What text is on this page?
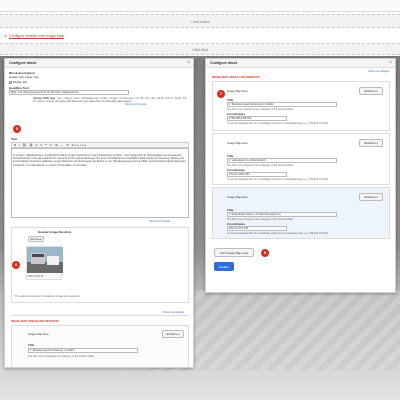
+ Add section
✕ Configure Header with Image Map
+ Add block
Configure block	×
Block description
Header with image map
Display title
Headline Text
Bitte- und Übersetzungsschutz für NC-HDC Laderstationen
Allowed HTML tags: <em> <strong> <cite> <blockquote cite> <code> <ul type> <ol start type> <li> <dl> <dt> <dd> <h2 id> <h3 id> <h4 id> <h5 id> <h6 id> <img src alt height width data-entity-type data-entity-uuid data-align data-caption>
About text formats
5
Text
B I ⛓ ⛓ ≡ ≡ ❝ ▭ ⊞ ⋯ ⟲ Source
Im privaten, halböffentlichen und öffentlichen Raum werden aktuell immer mehr Ladestationen errichtet – damit steigt auch die Notwendigkeit von umfassenden Schutzkonzepten. Dies gilt sowohl für NC- als auch für DC-Ladeeinrichtungen. Bei einem Vorteilfall an der empfindliche Elektronik für die Steuerung, Zählung und Kommunikation besonders gefährdet. so kann Wartezeit und Unterbrechen der Betrieb. In der Hybridenergiegenommenes Bilst- und Überspannungsschutzkonzept erforderlich, um Ladestationen zu sichern und Ausfallen zu vermeiden.
About text formats
Header Image Desktop
Remove
HDC-Smith-W-…
The maximum number of media items have been selected.
6
Show row weights
IMAGE MAP AREAS FOR DESKTOP
Image Map Area	Entfernen
Title
1: Bewitterungsschutzleitung in Zufahrt
The title must correspond to a category of the product slider.
Configure block	×
Show row weights
IMAGE MAP AREAS FOR DESKTOP
Image Map Area	Entfernen
Title
1: Bewitterungsschutzleitung in Zufahrt
The title must correspond to a category of the product slider.
Coordinates
2758,258,2788,360
A comma-separated list of 4 coordinate values for a rectangular area, e.g. 750,100,770,251
7
Image Map Area	Entfernen
Title
2: Ladesäulen im Außenbereich
The title must correspond to a category of the product slider.
Coordinates
972,111,1053,183
A comma-separated list of 4 coordinate values for a rectangular area, e.g. 750,100,770,251
Image Map Area	Entfernen
Title
3: Außenbeleuchtung mit Videoüberwachung
The title must correspond to a category of the product slider.
Coordinates
283,111,363,183
A comma-separated list of 4 coordinate values for a rectangular area, e.g. 750,100,770,251
Add Image Map Area	8
Update
